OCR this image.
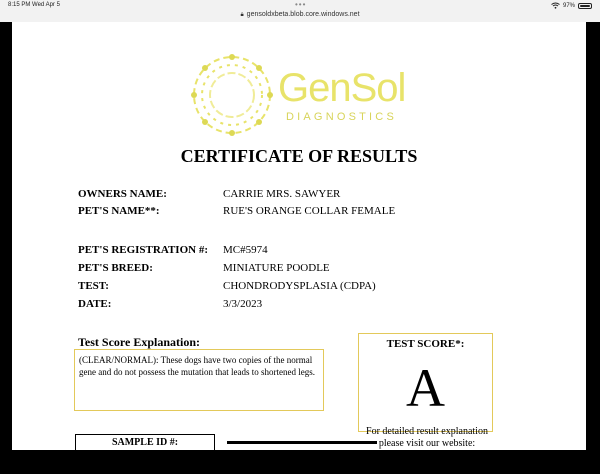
8:15 PM Wed Apr 5	•••
🔒︎ gensoldxbeta.blob.core.windows.net
97%
GenSol
DIAGNOSTICS
CERTIFICATE OF RESULTS
OWNERS NAME:	CARRIE MRS. SAWYER
PET'S NAME**:	RUE'S ORANGE COLLAR FEMALE
PET'S REGISTRATION #: MC#5974
PET'S BREED:	MINIATURE POODLE
TEST:	CHONDRODYSPLASIA (CDPA)
DATE:	3/3/2023
Test Score Explanation:
(CLEAR/NORMAL): These dogs have two copies of the normal gene and do not possess the mutation that leads to shortened legs.
TEST SCORE*:
A
For detailed result explanation
please visit our website:
SAMPLE ID #:
